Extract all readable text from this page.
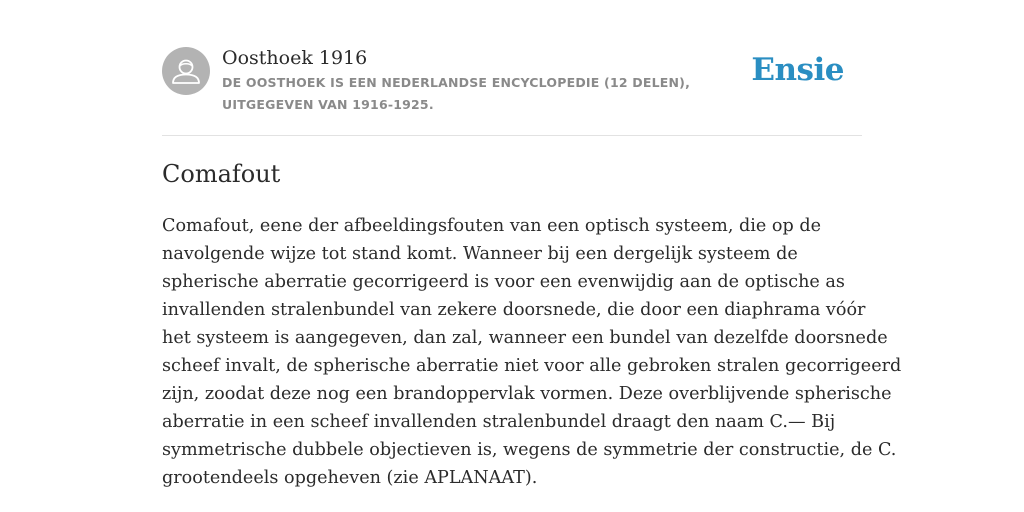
Oosthoek 1916
DE OOSTHOEK IS EEN NEDERLANDSE ENCYCLOPEDIE (12 DELEN), UITGEGEVEN VAN 1916-1925.
Ensie
Comafout
Comafout, eene der afbeeldingsfouten van een optisch systeem, die op de
navolgende wijze tot stand komt. Wanneer bij een dergelijk systeem de
spherische aberratie gecorrigeerd is voor een evenwijdig aan de optische as
invallenden stralenbundel van zekere doorsnede, die door een diaphrama vóór
het systeem is aangegeven, dan zal, wanneer een bundel van dezelfde doorsnede
scheef invalt, de spherische aberratie niet voor alle gebroken stralen gecorrigeerd
zijn, zoodat deze nog een brandoppervlak vormen. Deze overblijvende spherische
aberratie in een scheef invallenden stralenbundel draagt den naam C.— Bij
symmetrische dubbele objectieven is, wegens de symmetrie der constructie, de C.
grootendeels opgeheven (zie APLANAAT).
